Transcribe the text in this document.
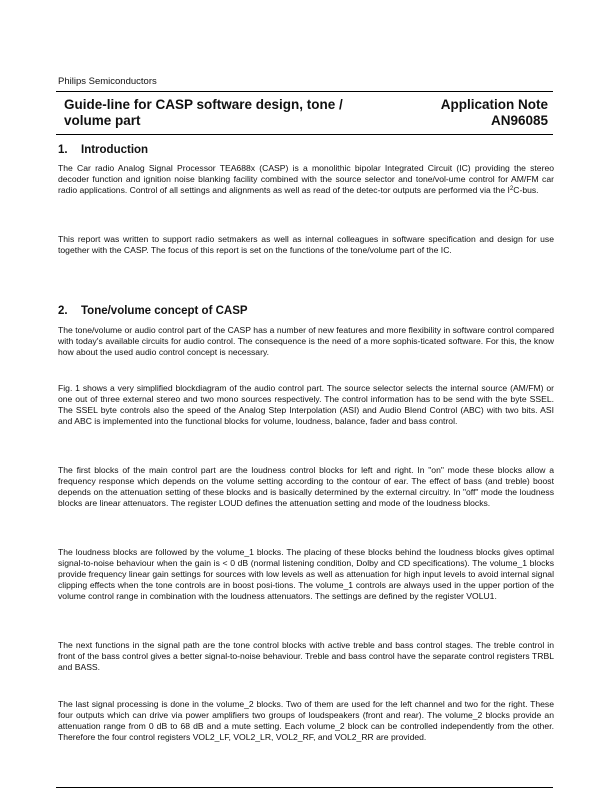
Philips Semiconductors
Guide-line for CASP software design, tone /
volume part
Application Note
AN96085
1. Introduction
The Car radio Analog Signal Processor TEA688x (CASP) is a monolithic bipolar Integrated Circuit (IC) providing the stereo decoder function and ignition noise blanking facility combined with the source selector and tone/vol-ume control for AM/FM car radio applications. Control of all settings and alignments as well as read of the detec-tor outputs are performed via the $I^2C$-bus.
This report was written to support radio setmakers as well as internal colleagues in software specification and design for use together with the CASP. The focus of this report is set on the functions of the tone/volume part of the IC.
2. Tone/volume concept of CASP
The tone/volume or audio control part of the CASP has a number of new features and more flexibility in software control compared with today's available circuits for audio control. The consequence is the need of a more sophis-ticated software. For this, the know how about the used audio control concept is necessary.
Fig. 1 shows a very simplified blockdiagram of the audio control part. The source selector selects the internal source (AM/FM) or one out of three external stereo and two mono sources respectively. The control information has to be send with the byte SSEL. The SSEL byte controls also the speed of the Analog Step Interpolation (ASI) and Audio Blend Control (ABC) with two bits. ASI and ABC is implemented into the functional blocks for volume, loudness, balance, fader and bass control.
The first blocks of the main control part are the loudness control blocks for left and right. In "on" mode these blocks allow a frequency response which depends on the volume setting according to the contour of ear. The effect of bass (and treble) boost depends on the attenuation setting of these blocks and is basically determined by the external circuitry. In "off" mode the loudness blocks are linear attenuators. The register LOUD defines the attenuation setting and mode of the loudness blocks.
The loudness blocks are followed by the volume_1 blocks. The placing of these blocks behind the loudness blocks gives optimal signal-to-noise behaviour when the gain is < 0 dB (normal listening condition, Dolby and CD specifications). The volume_1 blocks provide frequency linear gain settings for sources with low levels as well as attenuation for high input levels to avoid internal signal clipping effects when the tone controls are in boost posi-tions. The volume_1 controls are always used in the upper portion of the volume control range in combination with the loudness attenuators. The settings are defined by the register VOLU1.
The next functions in the signal path are the tone control blocks with active treble and bass control stages. The treble control in front of the bass control gives a better signal-to-noise behaviour. Treble and bass control have the separate control registers TRBL and BASS.
The last signal processing is done in the volume_2 blocks. Two of them are used for the left channel and two for the right. These four outputs which can drive via power amplifiers two groups of loudspeakers (front and rear). The volume_2 blocks provide an attenuation range from 0 dB to 68 dB and a mute setting. Each volume_2 block can be controlled independently from the other. Therefore the four control registers VOL2_LF, VOL2_LR, VOL2_RF, and VOL2_RR are provided.
